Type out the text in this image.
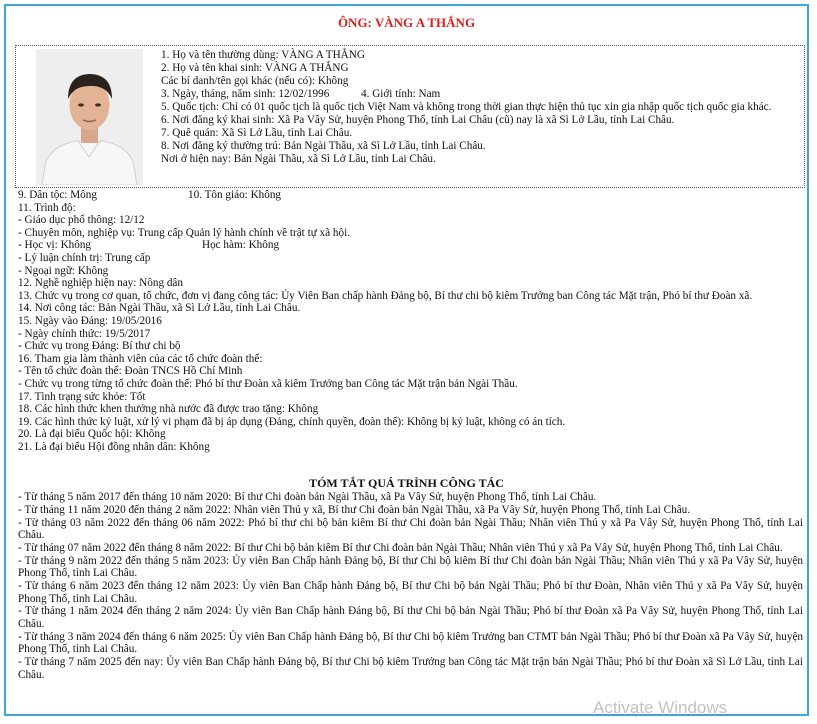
ÔNG: VÀNG A THẮNG
1. Họ và tên thường dùng: VÀNG A THẮNG
2. Họ và tên khai sinh: VÀNG A THẮNG
Các bí danh/tên gọi khác (nếu có): Không
3. Ngày, tháng, năm sinh: 12/02/1996	4. Giới tính: Nam
5. Quốc tịch: Chỉ có 01 quốc tịch là quốc tịch Việt Nam và không trong thời gian thực hiện thủ tục xin gia nhập quốc tịch quốc gia khác.
6. Nơi đăng ký khai sinh: Xã Pa Vây Sử, huyện Phong Thổ, tỉnh Lai Châu (cũ) nay là xã Sì Lở Lầu, tỉnh Lai Châu.
7. Quê quán: Xã Sì Lở Lầu, tỉnh Lai Châu.
8. Nơi đăng ký thường trú: Bản Ngài Thầu, xã Sì Lở Lầu, tỉnh Lai Châu.
Nơi ở hiện nay: Bản Ngài Thầu, xã Sì Lở Lầu, tỉnh Lai Châu.
9. Dân tộc: Mông	10. Tôn giáo: Không
11. Trình độ:
- Giáo dục phổ thông: 12/12
- Chuyên môn, nghiệp vụ: Trung cấp Quản lý hành chính về trật tự xã hội.
- Học vị: Không	Học hàm: Không
- Lý luận chính trị: Trung cấp
- Ngoại ngữ: Không
12. Nghề nghiệp hiện nay: Nông dân
13. Chức vụ trong cơ quan, tổ chức, đơn vị đang công tác: Ủy Viên Ban chấp hành Đảng bộ, Bí thư chi bộ kiêm Trưởng ban Công tác Mặt trận, Phó bí thư Đoàn xã.
14. Nơi công tác: Bản Ngài Thầu, xã Sì Lở Lầu, tỉnh Lai Châu.
15. Ngày vào Đảng: 19/05/2016
- Ngày chính thức: 19/5/2017
- Chức vụ trong Đảng: Bí thư chi bộ
16. Tham gia làm thành viên của các tổ chức đoàn thể:
- Tên tổ chức đoàn thể: Đoàn TNCS Hồ Chí Minh
- Chức vụ trong từng tổ chức đoàn thể: Phó bí thư Đoàn xã kiêm Trưởng ban Công tác Mặt trận bản Ngài Thầu.
17. Tình trạng sức khỏe: Tốt
18. Các hình thức khen thưởng nhà nước đã được trao tặng: Không
19. Các hình thức kỷ luật, xử lý vi phạm đã bị áp dụng (Đảng, chính quyền, đoàn thể): Không bị kỷ luật, không có án tích.
20. Là đại biểu Quốc hội: Không
21. Là đại biểu Hội đồng nhân dân: Không
TÓM TẮT QUÁ TRÌNH CÔNG TÁC
- Từ tháng 5 năm 2017 đến tháng 10 năm 2020: Bí thư Chi đoàn bản Ngài Thầu, xã Pa Vây Sử, huyện Phong Thổ, tỉnh Lai Châu.
- Từ tháng 11 năm 2020 đến tháng 2 năm 2022: Nhân viên Thú y xã, Bí thư Chi đoàn bản Ngài Thầu, xã Pa Vây Sử, huyện Phong Thổ, tỉnh Lai Châu.
- Từ tháng 03 năm 2022 đến tháng 06 năm 2022: Phó bí thư chi bộ bản kiêm Bí thư Chi đoàn bản Ngài Thầu; Nhân viên Thú y xã Pa Vây Sử, huyện Phong Thổ, tỉnh Lai Châu.
- Từ tháng 07 năm 2022 đến tháng 8 năm 2022: Bí thư Chi bộ bản kiêm Bí thư Chi đoàn bản Ngài Thầu; Nhân viên Thú y xã Pa Vây Sử, huyện Phong Thổ, tỉnh Lai Châu.
- Từ tháng 9 năm 2022 đến tháng 5 năm 2023: Ủy viên Ban Chấp hành Đảng bộ, Bí thư Chi bộ kiêm Bí thư Chi đoàn bản Ngài Thầu; Nhân viên Thú y xã Pa Vây Sử, huyện Phong Thổ, tỉnh Lai Châu.
- Từ tháng 6 năm 2023 đến tháng 12 năm 2023: Ủy viên Ban Chấp hành Đảng bộ, Bí thư Chi bộ bản Ngài Thầu; Phó bí thư Đoàn, Nhân viên Thú y xã Pa Vây Sử, huyện Phong Thổ, tỉnh Lai Châu.
- Từ tháng 1 năm 2024 đến tháng 2 năm 2024: Ủy viên Ban Chấp hành Đảng bộ, Bí thư Chi bộ bản Ngài Thầu; Phó bí thư Đoàn xã Pa Vây Sử, huyện Phong Thổ, tỉnh Lai Châu.
- Từ tháng 3 năm 2024 đến tháng 6 năm 2025: Ủy viên Ban Chấp hành Đảng bộ, Bí thư Chi bộ kiêm Trưởng ban CTMT bản Ngài Thầu; Phó bí thư Đoàn xã Pa Vây Sử, huyện Phong Thổ, tỉnh Lai Châu.
- Từ tháng 7 năm 2025 đến nay: Ủy viên Ban Chấp hành Đảng bộ, Bí thư Chi bộ kiêm Trưởng ban Công tác Mặt trận bản Ngài Thầu; Phó bí thư Đoàn xã Sì Lở Lầu, tỉnh Lai Châu.
Activate Windows
